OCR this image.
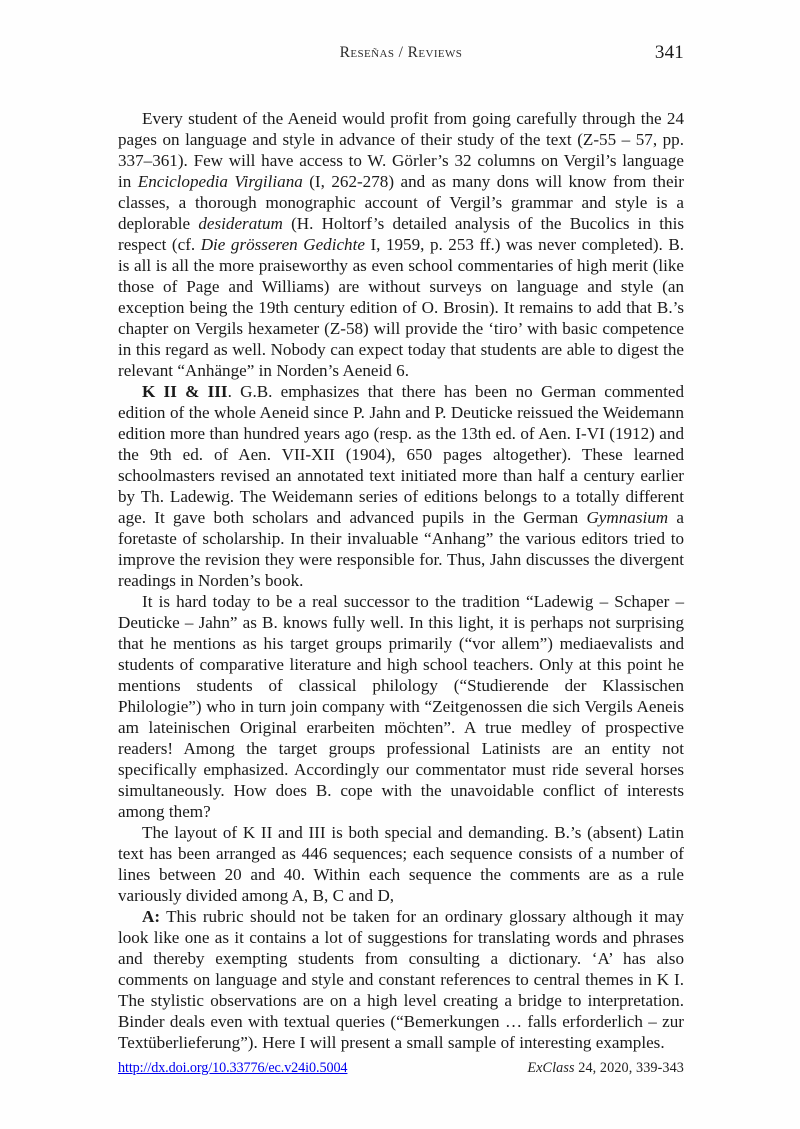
Reseñas / Reviews	341

Every student of the Aeneid would profit from going carefully through the 24 pages on language and style in advance of their study of the text (Z-55 – 57, pp. 337–361). Few will have access to W. Görler’s 32 columns on Vergil’s language in Enciclopedia Virgiliana (I, 262-278) and as many dons will know from their classes, a thorough monographic account of Vergil’s grammar and style is a deplorable desideratum (H. Holtorf’s detailed analysis of the Bucolics in this respect (cf. Die grösseren Gedichte I, 1959, p. 253 ff.) was never completed). B. is all is all the more praiseworthy as even school commentaries of high merit (like those of Page and Williams) are without surveys on language and style (an exception being the 19th century edition of O. Brosin). It remains to add that B.’s chapter on Vergils hexameter (Z-58) will provide the ‘tiro’ with basic competence in this regard as well. Nobody can expect today that students are able to digest the relevant “Anhänge” in Norden’s Aeneid 6.

K II & III. G.B. emphasizes that there has been no German commented edition of the whole Aeneid since P. Jahn and P. Deuticke reissued the Weidemann edition more than hundred years ago (resp. as the 13th ed. of Aen. I-VI (1912) and the 9th ed. of Aen. VII-XII (1904), 650 pages altogether). These learned schoolmasters revised an annotated text initiated more than half a century earlier by Th. Ladewig. The Weidemann series of editions belongs to a totally different age. It gave both scholars and advanced pupils in the German Gymnasium a foretaste of scholarship. In their invaluable “Anhang” the various editors tried to improve the revision they were responsible for. Thus, Jahn discusses the divergent readings in Norden’s book.

It is hard today to be a real successor to the tradition “Ladewig – Schaper – Deuticke – Jahn” as B. knows fully well. In this light, it is perhaps not surprising that he mentions as his target groups primarily (“vor allem”) mediaevalists and students of comparative literature and high school teachers. Only at this point he mentions students of classical philology (“Studierende der Klassischen Philologie”) who in turn join company with “Zeitgenossen die sich Vergils Aeneis am lateinischen Original erarbeiten möchten”. A true medley of prospective readers! Among the target groups professional Latinists are an entity not specifically emphasized. Accordingly our commentator must ride several horses simultaneously. How does B. cope with the unavoidable conflict of interests among them?

The layout of K II and III is both special and demanding. B.’s (absent) Latin text has been arranged as 446 sequences; each sequence consists of a number of lines between 20 and 40. Within each sequence the comments are as a rule variously divided among A, B, C and D,

A: This rubric should not be taken for an ordinary glossary although it may look like one as it contains a lot of suggestions for translating words and phrases and thereby exempting students from consulting a dictionary. ‘A’ has also comments on language and style and constant references to central themes in K I. The stylistic observations are on a high level creating a bridge to interpretation. Binder deals even with textual queries (“Bemerkungen … falls erforderlich – zur Textüberlieferung”). Here I will present a small sample of interesting examples.

http://dx.doi.org/10.33776/ec.v24i0.5004	ExClass 24, 2020, 339-343
